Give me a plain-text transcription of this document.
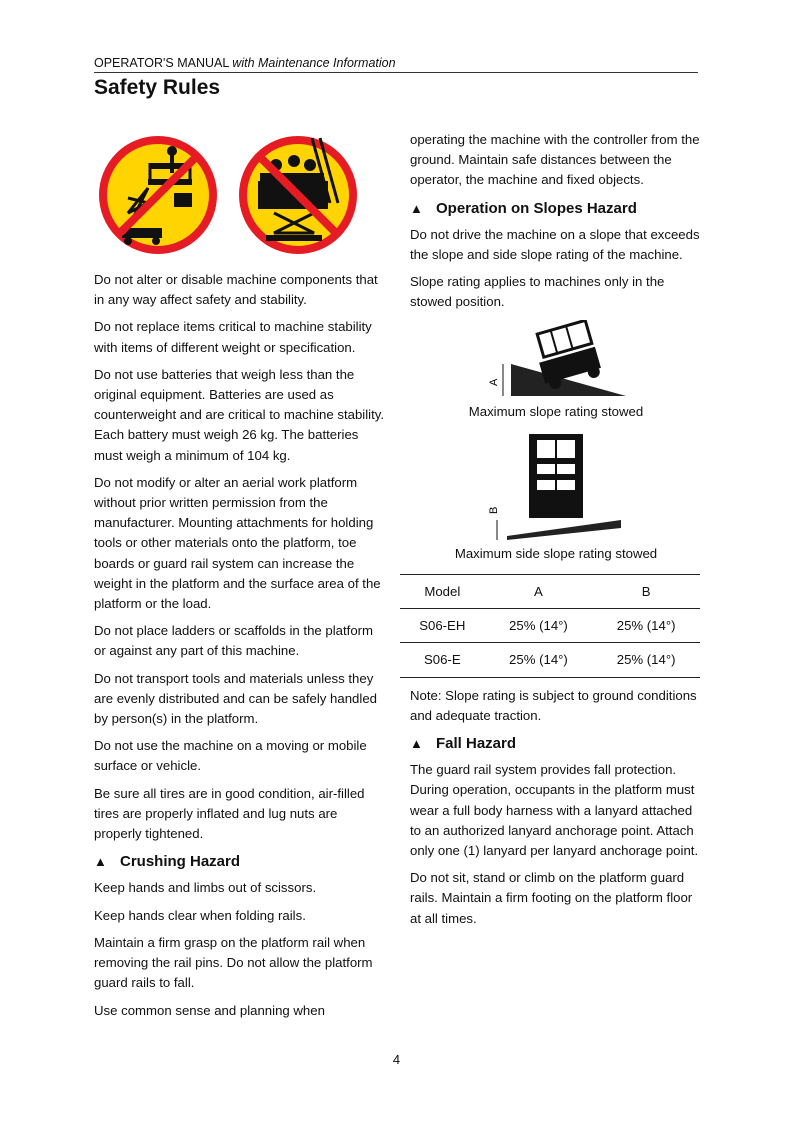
OPERATOR'S MANUAL with Maintenance Information
Safety Rules

Do not alter or disable machine components that in any way affect safety and stability.

Do not replace items critical to machine stability with items of different weight or specification.

Do not use batteries that weigh less than the original equipment. Batteries are used as counterweight and are critical to machine stability. Each battery must weigh 26 kg. The batteries must weigh a minimum of 104 kg.

Do not modify or alter an aerial work platform without prior written permission from the manufacturer. Mounting attachments for holding tools or other materials onto the platform, toe boards or guard rail system can increase the weight in the platform and the surface area of the platform or the load.

Do not place ladders or scaffolds in the platform or against any part of this machine.

Do not transport tools and materials unless they are evenly distributed and can be safely handled by person(s) in the platform.

Do not use the machine on a moving or mobile surface or vehicle.

Be sure all tires are in good condition, air-filled tires are properly inflated and lug nuts are properly tightened.

▲ Crushing Hazard

Keep hands and limbs out of scissors.

Keep hands clear when folding rails.

Maintain a firm grasp on the platform rail when removing the rail pins. Do not allow the platform guard rails to fall.

Use common sense and planning when

operating the machine with the controller from the ground. Maintain safe distances between the operator, the machine and fixed objects.

▲ Operation on Slopes Hazard

Do not drive the machine on a slope that exceeds the slope and side slope rating of the machine.

Slope rating applies to machines only in the stowed position.

A
Maximum slope rating stowed
B
Maximum side slope rating stowed
Model	A	B
S06-EH	25% (14°)	25% (14°)
S06-E	25% (14°)	25% (14°)

Note: Slope rating is subject to ground conditions and adequate traction.

▲ Fall Hazard

The guard rail system provides fall protection. During operation, occupants in the platform must wear a full body harness with a lanyard attached to an authorized lanyard anchorage point. Attach only one (1) lanyard per lanyard anchorage point.

Do not sit, stand or climb on the platform guard rails. Maintain a firm footing on the platform floor at all times.

4
